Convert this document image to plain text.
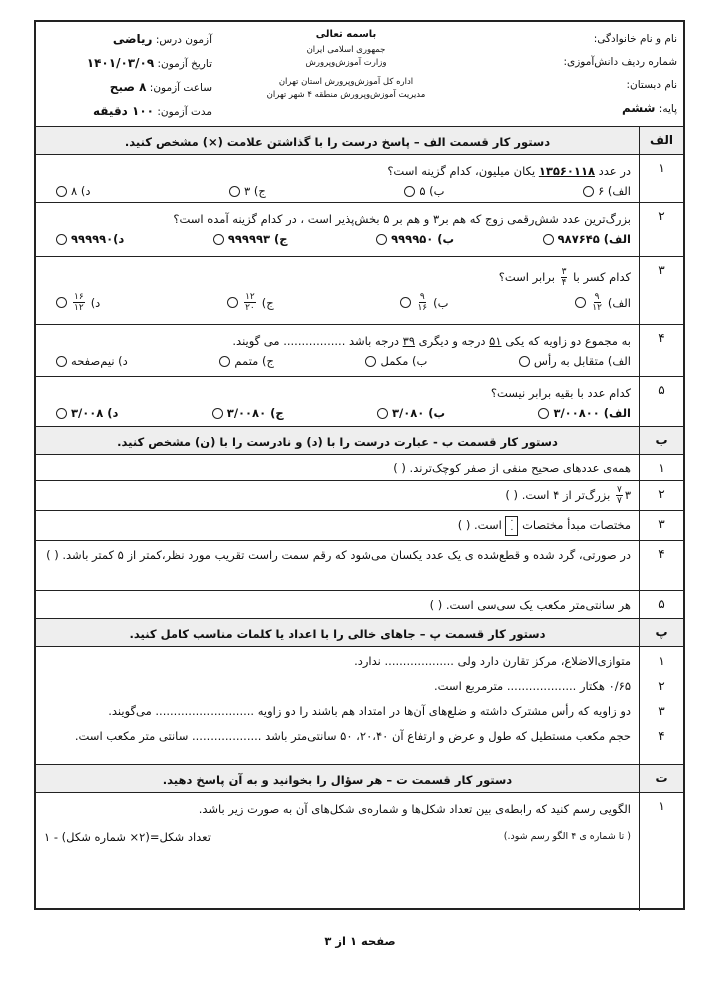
نام و نام خانوادگی:
شماره ردیف دانش‌آموزی:
نام دبستان:
پایه: ششم
باسمه تعالی
جمهوری اسلامی ایران
وزارت آموزش‌وپرورش
اداره کل آموزش‌وپرورش استان تهران
مدیریت آموزش‌وپرورش منطقه ۴ شهر تهران
آزمون درس: ریاضی
تاریخ آزمون: ۱۴۰۱/۰۳/۰۹
ساعت آزمون: ۸ صبح
مدت آزمون: ۱۰۰ دقیقه
الف
دستور کار قسمت الف – پاسخ درست را با گذاشتن علامت (×) مشخص کنید.
۱
در عدد ۱۳۵۶۰۱۱۸ یکان میلیون، کدام گزینه است؟
الف) ۶
ب) ۵
ج) ۳
د) ۸
۲
بزرگ‌ترین عدد شش‌رقمی زوج که هم بر۳ و هم بر ۵ بخش‌پذیر است ، در کدام گزینه آمده است؟
الف) ۹۸۷۶۴۵
ب) ۹۹۹۹۵۰
ج) ۹۹۹۹۹۳
د)۹۹۹۹۹۰
۳
کدام کسر با
$\frac{۳}{۴}$
برابر است؟
الف)
$\frac{۹}{۱۲}$
ب)
$\frac{۹}{۱۶}$
ج)
$\frac{۱۲}{۲۰}$
د)
$\frac{۱۶}{۱۲}$
۴
به مجموع دو زاویه که یکی ۵۱ درجه و دیگری ۳۹ درجه باشد ................. می گویند.
الف) متقابل به رأس
ب) مکمل
ج) متمم
د) نیم‌صفحه
۵
کدام عدد با بقیه برابر نیست؟
الف) ۳/۰۰۸۰۰
ب) ۳/۰۸۰
ج) ۳/۰۰۸۰
د) ۳/۰۰۸
ب
دستور کار قسمت ب - عبارت درست را با (د) و نادرست را با (ن) مشخص کنید.
۱
همه‌ی عددهای صحیح منفی از صفر کوچک‌ترند. ( )
۲
۳
$\frac{۷}{۷}$
بزرگ‌تر از ۴ است. ( )
۳
مختصات مبدأ مختصات ۰
۰ است. ( )
۴
در صورتی، گرد شده و قطع‌شده ی یک عدد یکسان می‌شود که رقم سمت راست تقریب مورد نظر،کمتر از ۵ کمتر باشد. ( )
۵
هر سانتی‌متر مکعب یک سی‌سی است. ( )
پ
دستور کار قسمت پ – جاهای خالی را با اعداد یا کلمات مناسب کامل کنید.
۱
۲
۳
۴
متوازی‌الاضلاع، مرکز تقارن دارد ولی ................... ندارد.
۰/۶۵ هکتار ................... مترمربع است.
دو زاویه که رأس مشترک داشته و ضلع‌های آن‌ها در امتداد هم باشند را دو زاویه ........................... می‌گویند.
حجم مکعب مستطیل که طول و عرض و ارتفاع آن ۲۰،۴۰، ۵۰ سانتی‌متر باشد ................... سانتی متر مکعب است.
ت
دستور کار قسمت ت – هر سؤال را بخوانید و به آن پاسخ دهید.
۱
الگویی رسم کنید که رابطه‌ی بین تعداد شکل‌ها و شماره‌ی شکل‌های آن به صورت زیر باشد.
( تا شماره ی ۴ الگو رسم شود.)
تعداد شکل=(۲× شماره شکل) - ۱
صفحه ۱ از ۳
